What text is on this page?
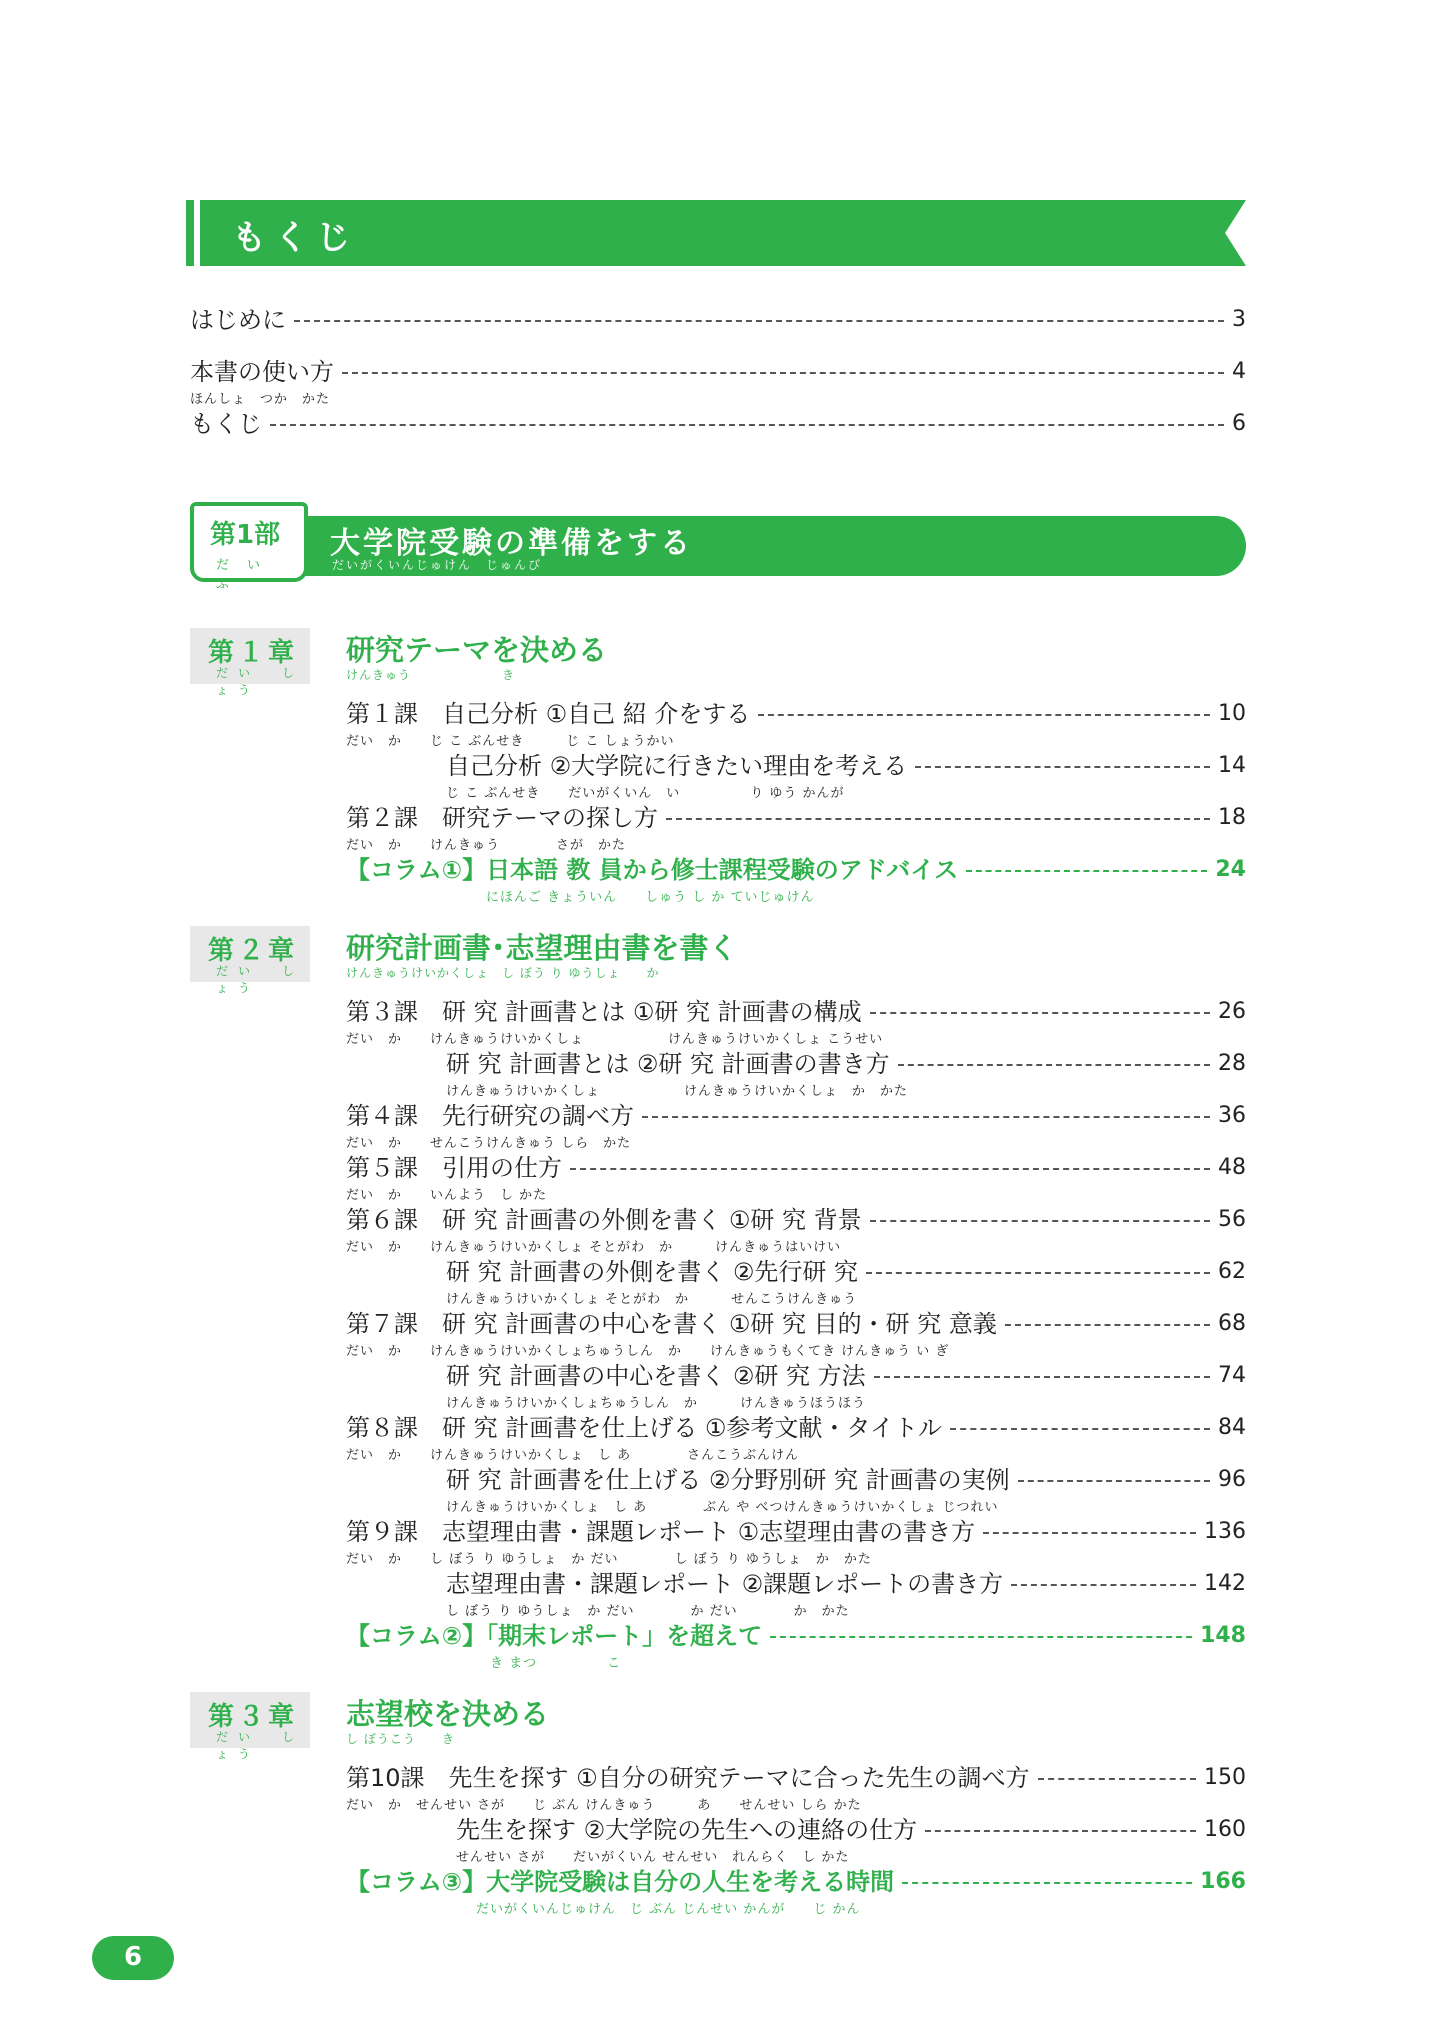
もくじ
はじめに	3
本書の使い方	4
ほんしょ　つか　かた
もくじ	6
第1部
だい　ぶ
大学院受験の準備をする
だいがくいんじゅけん　じゅんび
第１章
だい　しょう
研究テーマを決める
けんきゅう　　　　　　　き
第１課　自己分析 ①自己 紹 介をする	10
だい　か　　じ こ ぶんせき　　　じ こ しょうかい
自己分析 ②大学院に行きたい理由を考える	14
じ こ ぶんせき　　だいがくいん　い　　　　　り ゆう かんが
第２課　研究テーマの探し方	18
だい　か　　けんきゅう　　　　さが　かた
【コラム①】日本語 教 員から修士課程受験のアドバイス	24
にほんご きょういん　　しゅう し か ていじゅけん
第２章
だい　しょう
研究計画書･志望理由書を書く
けんきゅうけいかくしょ　し ぼう り ゆうしょ　　か
第３課　研 究 計画書とは ①研 究 計画書の構成	26
だい　か　　けんきゅうけいかくしょ　　　　　　けんきゅうけいかくしょ こうせい
研 究 計画書とは ②研 究 計画書の書き方	28
けんきゅうけいかくしょ　　　　　　けんきゅうけいかくしょ　か　かた
第４課　先行研究の調べ方	36
だい　か　　せんこうけんきゅう しら　かた
第５課　引用の仕方	48
だい　か　　いんよう　し かた
第６課　研 究 計画書の外側を書く ①研 究 背景	56
だい　か　　けんきゅうけいかくしょ そとがわ　か　　　けんきゅうはいけい
研 究 計画書の外側を書く ②先行研 究	62
けんきゅうけいかくしょ そとがわ　か　　　せんこうけんきゅう
第７課　研 究 計画書の中心を書く ①研 究 目的・研 究 意義	68
だい　か　　けんきゅうけいかくしょちゅうしん　か　　けんきゅうもくてき けんきゅう い ぎ
研 究 計画書の中心を書く ②研 究 方法	74
けんきゅうけいかくしょちゅうしん　か　　　けんきゅうほうほう
第８課　研 究 計画書を仕上げる ①参考文献・タイトル	84
だい　か　　けんきゅうけいかくしょ　し あ　　　　さんこうぶんけん
研 究 計画書を仕上げる ②分野別研 究 計画書の実例	96
けんきゅうけいかくしょ　し あ　　　　ぶん や べつけんきゅうけいかくしょ じつれい
第９課　志望理由書・課題レポート ①志望理由書の書き方	136
だい　か　　し ぼう り ゆうしょ　か だい　　　　し ぼう り ゆうしょ　か　かた
志望理由書・課題レポート ②課題レポートの書き方	142
し ぼう り ゆうしょ　か だい　　　　か だい　　　　か　かた
【コラム②】「期末レポート」を超えて	148
き まつ　　　　　こ
第３章
だい　しょう
志望校を決める
し ぼうこう　　き
第10課　先生を探す ①自分の研究テーマに合った先生の調べ方	150
だい　か　せんせい さが　　じ ぶん けんきゅう　　　あ　　せんせい しら かた
先生を探す ②大学院の先生への連絡の仕方	160
せんせい さが　　だいがくいん せんせい　れんらく　し かた
【コラム③】大学院受験は自分の人生を考える時間	166
だいがくいんじゅけん　じ ぶん じんせい かんが　　じ かん
6
